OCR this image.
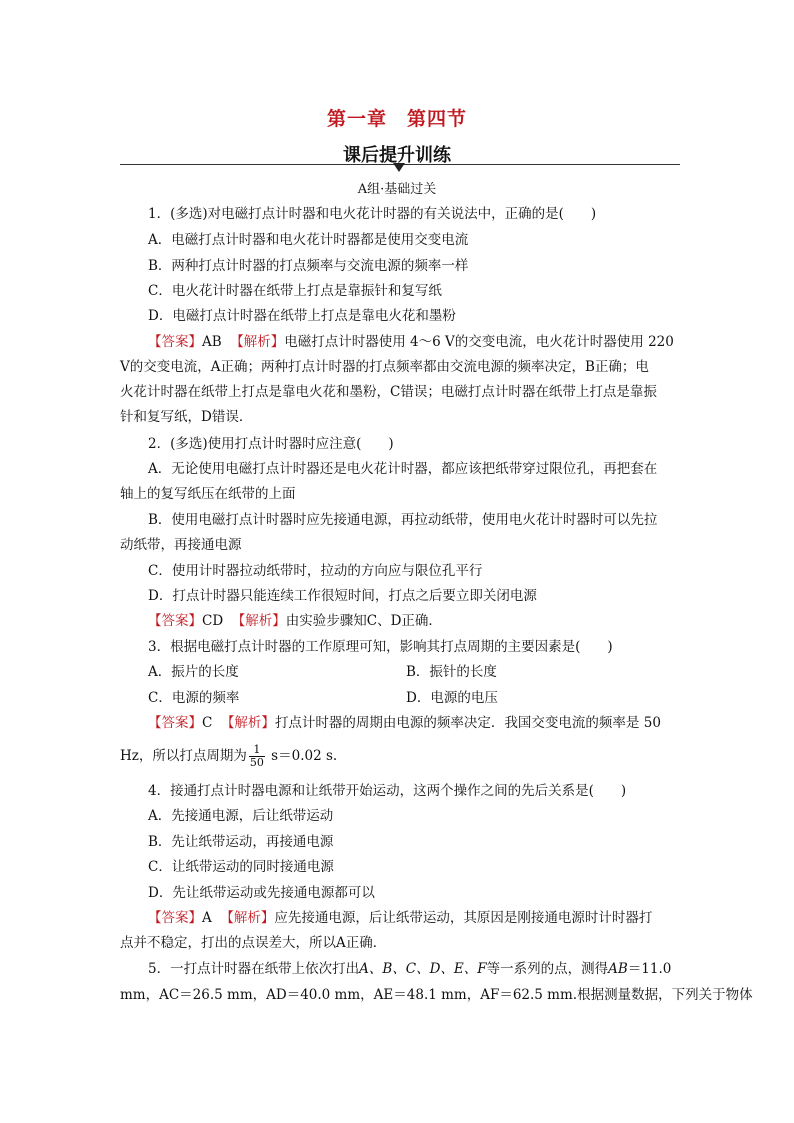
第一章　第四节
课后提升训练
A组·基础过关
1．(多选)对电磁打点计时器和电火花计时器的有关说法中，正确的是(　　)
A．电磁打点计时器和电火花计时器都是使用交变电流
B．两种打点计时器的打点频率与交流电源的频率一样
C．电火花计时器在纸带上打点是靠振针和复写纸
D．电磁打点计时器在纸带上打点是靠电火花和墨粉
【答案】AB 【解析】电磁打点计时器使用 4～6 V的交变电流，电火花计时器使用 220
V的交变电流，A正确；两种打点计时器的打点频率都由交流电源的频率决定，B正确；电
火花计时器在纸带上打点是靠电火花和墨粉，C错误；电磁打点计时器在纸带上打点是靠振
针和复写纸，D错误．
2．(多选)使用打点计时器时应注意(　　)
A．无论使用电磁打点计时器还是电火花计时器，都应该把纸带穿过限位孔，再把套在
轴上的复写纸压在纸带的上面
B．使用电磁打点计时器时应先接通电源，再拉动纸带，使用电火花计时器时可以先拉
动纸带，再接通电源
C．使用计时器拉动纸带时，拉动的方向应与限位孔平行
D．打点计时器只能连续工作很短时间，打点之后要立即关闭电源
【答案】CD 【解析】由实验步骤知C、D正确．
3．根据电磁打点计时器的工作原理可知，影响其打点周期的主要因素是(　　)
A．振片的长度	B．振针的长度
C．电源的频率	D．电源的电压
【答案】C 【解析】打点计时器的周期由电源的频率决定．我国交变电流的频率是 50
Hz，所以打点周期为 $\frac{1}{50} s=0.02$ s.
4．接通打点计时器电源和让纸带开始运动，这两个操作之间的先后关系是(　　)
A．先接通电源，后让纸带运动
B．先让纸带运动，再接通电源
C．让纸带运动的同时接通电源
D．先让纸带运动或先接通电源都可以
【答案】A 【解析】应先接通电源，后让纸带运动，其原因是刚接通电源时计时器打
点并不稳定，打出的点误差大，所以A正确．
5．一打点计时器在纸带上依次打出A、B、C、D、E、F等一系列的点，测得AB＝11.0
mm，AC＝26.5 mm，AD＝40.0 mm，AE＝48.1 mm，AF＝62.5 mm.根据测量数据，下列关于物体
